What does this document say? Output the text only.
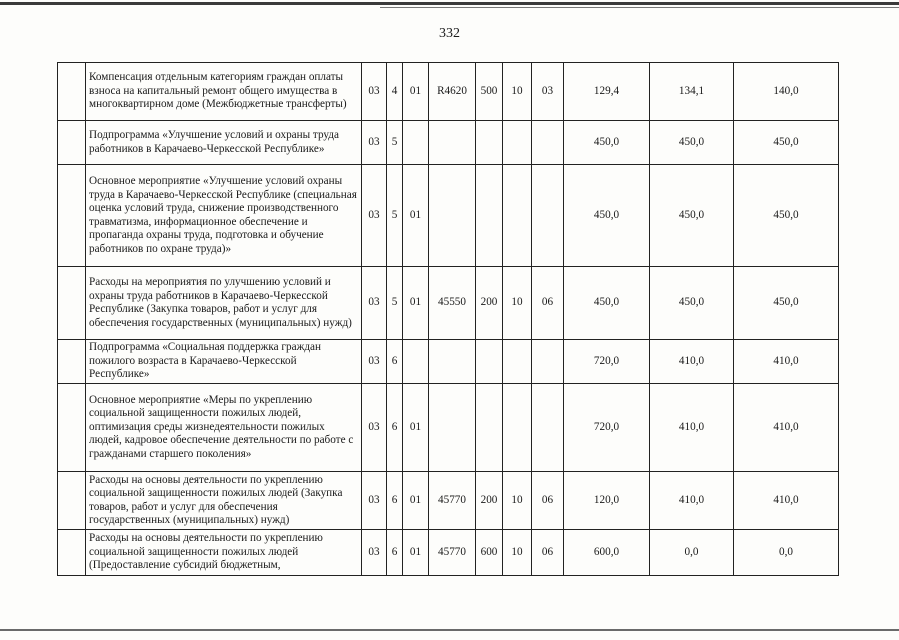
332
	Компенсация отдельным категориям граждан оплаты взноса на капитальный ремонт общего имущества в многоквартирном доме (Межбюджетные трансферты)	03	4	01	R4620	500	10	03	129,4	134,1	140,0
	Подпрограмма «Улучшение условий и охраны труда работников в Карачаево-Черкесской Республике»	03	5						450,0	450,0	450,0
	Основное мероприятие «Улучшение условий охраны труда в Карачаево-Черкесской Республике (специальная оценка условий труда, снижение производственного травматизма, информационное обеспечение и пропаганда охраны труда, подготовка и обучение работников по охране труда)»	03	5	01					450,0	450,0	450,0
	Расходы на мероприятия по улучшению условий и охраны труда работников в Карачаево-Черкесской Республике (Закупка товаров, работ и услуг для обеспечения государственных (муниципальных) нужд)	03	5	01	45550	200	10	06	450,0	450,0	450,0
	Подпрограмма «Социальная поддержка граждан пожилого возраста в Карачаево-Черкесской Республике»	03	6						720,0	410,0	410,0
	Основное мероприятие «Меры по укреплению социальной защищенности пожилых людей, оптимизация среды жизнедеятельности пожилых людей, кадровое обеспечение деятельности по работе с гражданами старшего поколения»	03	6	01					720,0	410,0	410,0
	Расходы на основы деятельности по укреплению социальной защищенности пожилых людей (Закупка товаров, работ и услуг для обеспечения государственных (муниципальных) нужд)	03	6	01	45770	200	10	06	120,0	410,0	410,0
	Расходы на основы деятельности по укреплению социальной защищенности пожилых людей (Предоставление субсидий бюджетным,	03	6	01	45770	600	10	06	600,0	0,0	0,0
